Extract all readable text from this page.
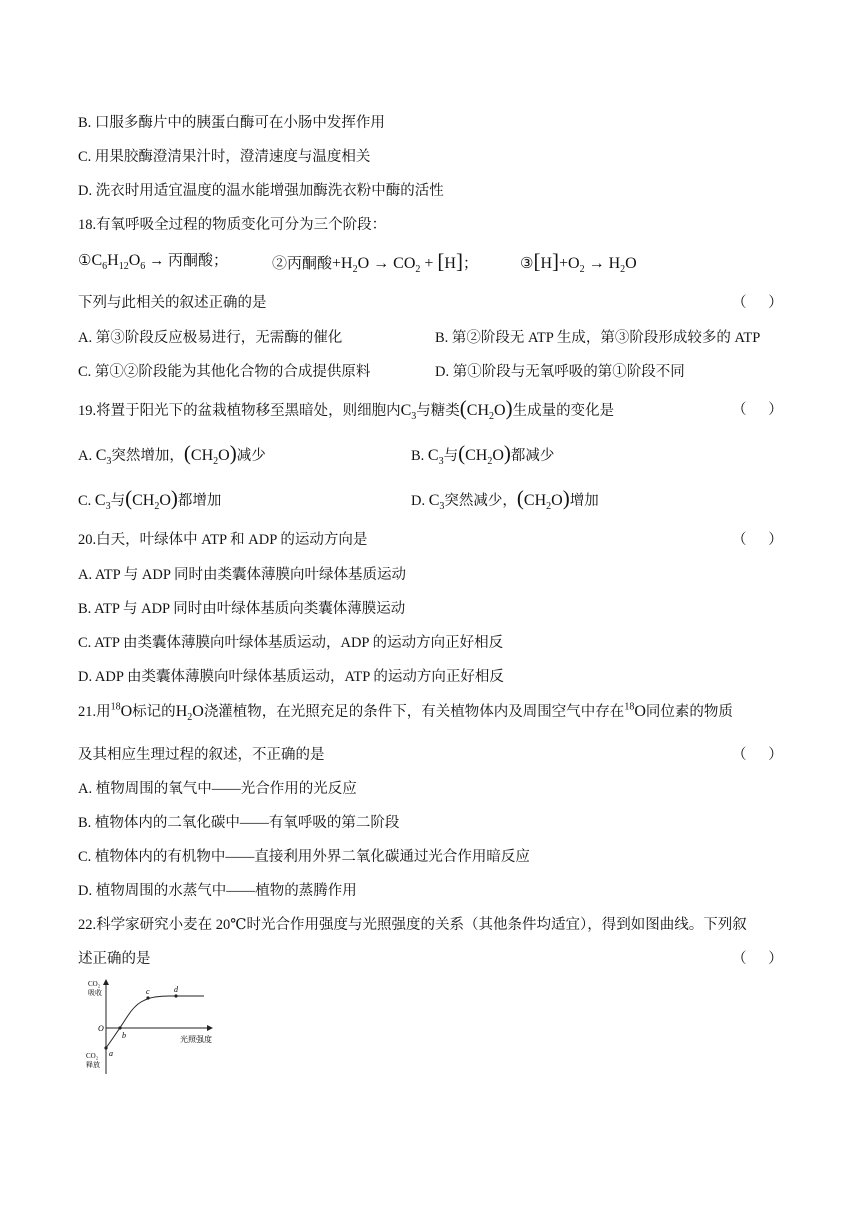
B. 口服多酶片中的胰蛋白酶可在小肠中发挥作用
C. 用果胶酶澄清果汁时，澄清速度与温度相关
D. 洗衣时用适宜温度的温水能增强加酶洗衣粉中酶的活性
18.有氧呼吸全过程的物质变化可分为三个阶段：
$①C_6H_{12}O_6$ → 丙酮酸；	②丙酮酸$+H_2O \to CO_2 + [H]$；	$③[H]+O_2 \to H_2O$
下列与此相关的叙述正确的是	（      ）
A. 第③阶段反应极易进行，无需酶的催化	B. 第②阶段无 ATP 生成，第③阶段形成较多的 ATP
C. 第①②阶段能为其他化合物的合成提供原料	D. 第①阶段与无氧呼吸的第①阶段不同
19.将置于阳光下的盆栽植物移至黑暗处，则细胞内$C_3$与糖类$(CH_2O)$生成量的变化是	（      ）
A. $C_3$突然增加，$(CH_2O)$减少	B. $C_3$与$(CH_2O)$都减少
C. $C_3$与$(CH_2O)$都增加	D. $C_3$突然减少，$(CH_2O)$增加
20.白天，叶绿体中 ATP 和 ADP 的运动方向是	（      ）
A. ATP 与 ADP 同时由类囊体薄膜向叶绿体基质运动
B. ATP 与 ADP 同时由叶绿体基质向类囊体薄膜运动
C. ATP 由类囊体薄膜向叶绿体基质运动，ADP 的运动方向正好相反
D. ADP 由类囊体薄膜向叶绿体基质运动，ATP 的运动方向正好相反
21.用$^{18}$O标记的$H_2O$浇灌植物，在光照充足的条件下，有关植物体内及周围空气中存在$^{18}$O同位素的物质
及其相应生理过程的叙述，不正确的是	（      ）
A. 植物周围的氧气中——光合作用的光反应
B. 植物体内的二氧化碳中——有氧呼吸的第二阶段
C. 植物体内的有机物中——直接利用外界二氧化碳通过光合作用暗反应
D. 植物周围的水蒸气中——植物的蒸腾作用
22.科学家研究小麦在 20℃时光合作用强度与光照强度的关系（其他条件均适宜），得到如图曲线。下列叙
述正确的是	（      ）
CO₂ 吸收
CO₂ 释放
光照强度
O
a
b
c	d
